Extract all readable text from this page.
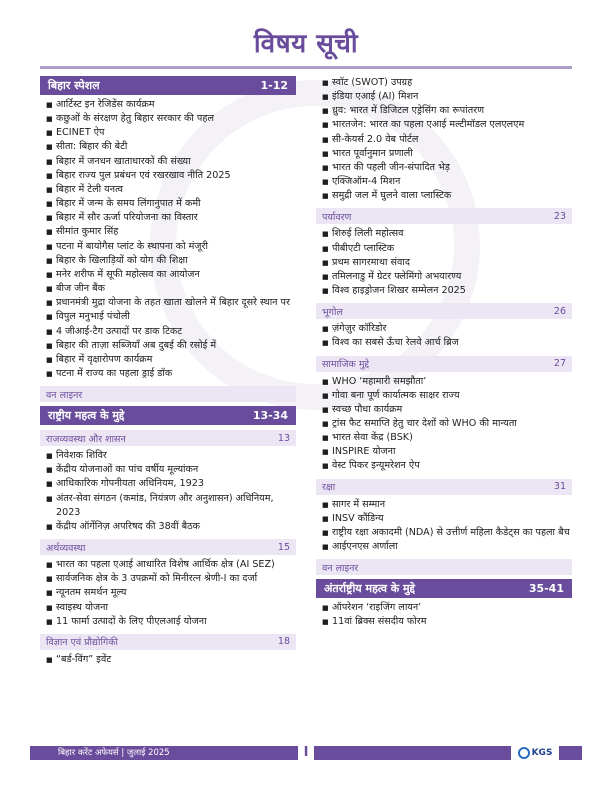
विषय सूची
बिहार स्पेशल	1-12
■ आर्टिस्ट इन रेजिडेंस कार्यक्रम
■ कछुओं के संरक्षण हेतु बिहार सरकार की पहल
■ ECINET ऐप
■ सीता: बिहार की बेटी
■ बिहार में जनधन खाताधारकों की संख्या
■ बिहार राज्य पुल प्रबंधन एवं रखरखाव नीति 2025
■ बिहार में टेली यनत्व
■ बिहार में जन्म के समय लिंगानुपात में कमी
■ बिहार में सौर ऊर्जा परियोजना का विस्तार
■ सीमांत कुमार सिंह
■ पटना में बायोगैस प्लांट के स्थापना को मंजूरी
■ बिहार के खिलाड़ियों को योग की शिक्षा
■ मनेर शरीफ में सूफी महोत्सव का आयोजन
■ बीज जीन बैंक
■ प्रधानमंत्री मुद्रा योजना के तहत खाता खोलने में बिहार दूसरे स्थान पर
■ विपुल मनुभाई पंचोली
■ 4 जीआई-टैग उत्पादों पर डाक टिकट
■ बिहार की ताज़ा सब्जियाँ अब दुबई की रसोई में
■ बिहार में वृक्षारोपण कार्यक्रम
■ पटना में राज्य का पहला ड्राई डॉक
वन लाइनर
राष्ट्रीय महत्व के मुद्दे	13-34
राजव्यवस्था और शासन	13
■ निवेशक शिविर
■ केंद्रीय योजनाओं का पांच वर्षीय मूल्यांकन
■ आधिकारिक गोपनीयता अधिनियम, 1923
■ अंतर-सेवा संगठन (कमांड, नियंत्रण और अनुशासन) अधिनियम, 2023
■ केंद्रीय ऑर्गेनिज़ अपरिषद की 38वीं बैठक
अर्थव्यवस्था	15
■ भारत का पहला एआई आधारित विशेष आर्थिक क्षेत्र (AI SEZ)
■ सार्वजनिक क्षेत्र के 3 उपक्रमों को मिनीरत्न श्रेणी-I का दर्जा
■ न्यूनतम समर्थन मूल्य
■ स्वाइस्थ योजना
■ 11 फार्मा उत्पादों के लिए पीएलआई योजना
विज्ञान एवं प्रौद्योगिकी	18
■ “बर्ड-विंग” इवेंट
■ स्वॉट (SWOT) उपग्रह
■ इंडिया एआई (AI) मिशन
■ ध्रुव: भारत में डिजिटल एड्रेसिंग का रूपांतरण
■ भारतजेन: भारत का पहला एआई मल्टीमॉडल एलएलएम
■ सी-केयर्स 2.0 वेब पोर्टल
■ भारत पूर्वानुमान प्रणाली
■ भारत की पहली जीन-संपादित भेड़
■ एक्जिऑम-4 मिशन
■ समुद्री जल में घुलने वाला प्लास्टिक
पर्यावरण	23
■ शिरुई लिली महोत्सव
■ पीबीएटी प्लास्टिक
■ प्रथम सागरमाथा संवाद
■ तमिलनाडु में ग्रेटर फ्लेमिंगो अभयारण्य
■ विश्व हाइड्रोजन शिखर सम्मेलन 2025
भूगोल	26
■ ज़ंगेज़ुर कॉरिडोर
■ विश्व का सबसे ऊँचा रेलवे आर्च ब्रिज
सामाजिक मुद्दे	27
■ WHO ‘महामारी समझौता’
■ गोवा बना पूर्ण कार्यात्मक साक्षर राज्य
■ स्वच्छ पौधा कार्यक्रम
■ ट्रांस फैट समाप्ति हेतु चार देशों को WHO की मान्यता
■ भारत सेवा केंद्र (BSK)
■ INSPIRE योजना
■ वेस्ट पिकर इन्यूमरेशन ऐप
रक्षा	31
■ सागर में सम्मान
■ INSV कौंडिन्य
■ राष्ट्रीय रक्षा अकादमी (NDA) से उत्तीर्ण महिला कैडेट्स का पहला बैच
■ आईएनएस अर्णाला
वन लाइनर
अंतर्राष्ट्रीय महत्व के मुद्दे	35-41
■ ऑपरेशन ‘राइजिंग लायन’
■ 11वां ब्रिक्स संसदीय फोरम
बिहार करेंट अफेयर्स | जुलाई 2025	I	KGS
